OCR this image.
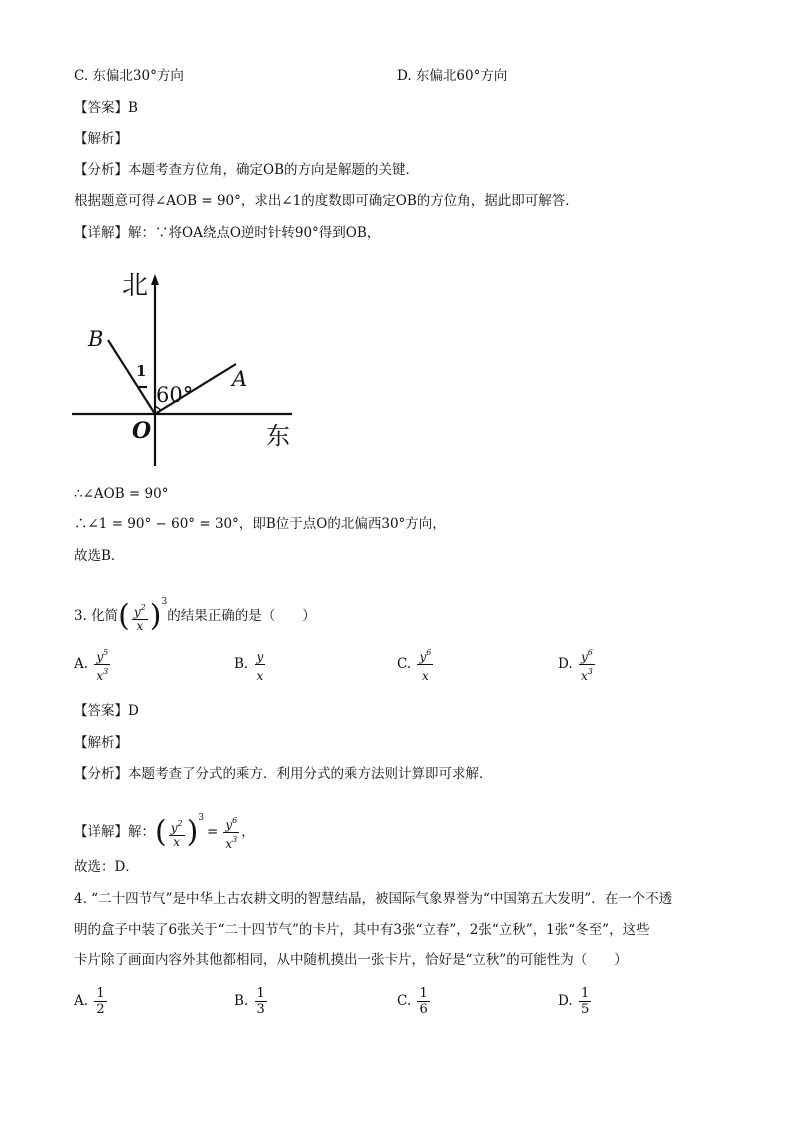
C. 东偏北30°方向	D. 东偏北60°方向
【答案】B
【解析】
【分析】本题考查方位角，确定OB的方向是解题的关键．
根据题意可得∠AOB = 90°，求出∠1的度数即可确定OB的方位角，据此即可解答．
【详解】解：∵将OA绕点O逆时针转90°得到OB，
北
东
O
A
B
1
60°
∴∠AOB = 90°
∴∠1 = 90° − 60° = 30°，即B位于点O的北偏西30°方向，
故选B．
3. 化简( $\frac{y^2}{x} )^3$的结果正确的是（　　）
A. $\frac{y^5}{x^3}$	B. $\frac{y}{x}$	C. $\frac{y^6}{x}$	D. $\frac{y^6}{x^3}$
【答案】D
【解析】
【分析】本题考查了分式的乘方．利用分式的乘方法则计算即可求解．
【详解】解：( $\frac{y^2}{x} )^3= \frac{y^6}{x^3}$ ，
故选：D．
4. “二十四节气”是中华上古农耕文明的智慧结晶，被国际气象界誉为“中国第五大发明”．在一个不透
明的盒子中装了6张关于“二十四节气”的卡片，其中有3张“立春”，2张“立秋”，1张“冬至”，这些
卡片除了画面内容外其他都相同，从中随机摸出一张卡片，恰好是“立秋”的可能性为（　　）
A. $\frac{1}{2}$	B. $\frac{1}{3}$	C. $\frac{1}{6}$	D. $\frac{1}{5}$
